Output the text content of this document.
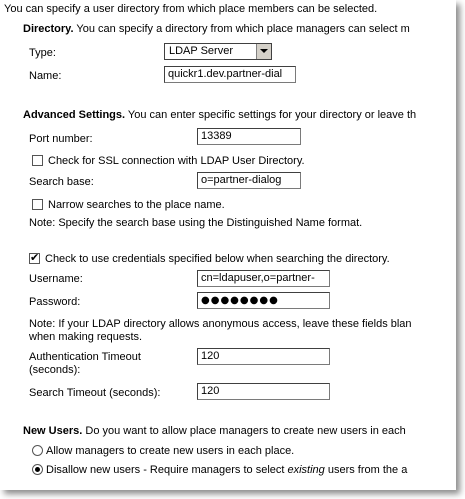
You can specify a user directory from which place members can be selected.
Directory. You can specify a directory from which place managers can select m
Type:	LDAP Server
Name:	quickr1.dev.partner-dial
Advanced Settings. You can enter specific settings for your directory or leave th
Port number:	13389
Check for SSL connection with LDAP User Directory.
Search base:	o=partner-dialog
Narrow searches to the place name.
Note: Specify the search base using the Distinguished Name format.
✔
Check to use credentials specified below when searching the directory.
Username:	cn=ldapuser,o=partner-
Password:	●●●●●●●●
Note: If your LDAP directory allows anonymous access, leave these fields blan
when making requests.
Authentication Timeout
(seconds):
120
Search Timeout (seconds):	120
New Users. Do you want to allow place managers to create new users in each
Allow managers to create new users in each place.
Disallow new users - Require managers to select existing users from the a
